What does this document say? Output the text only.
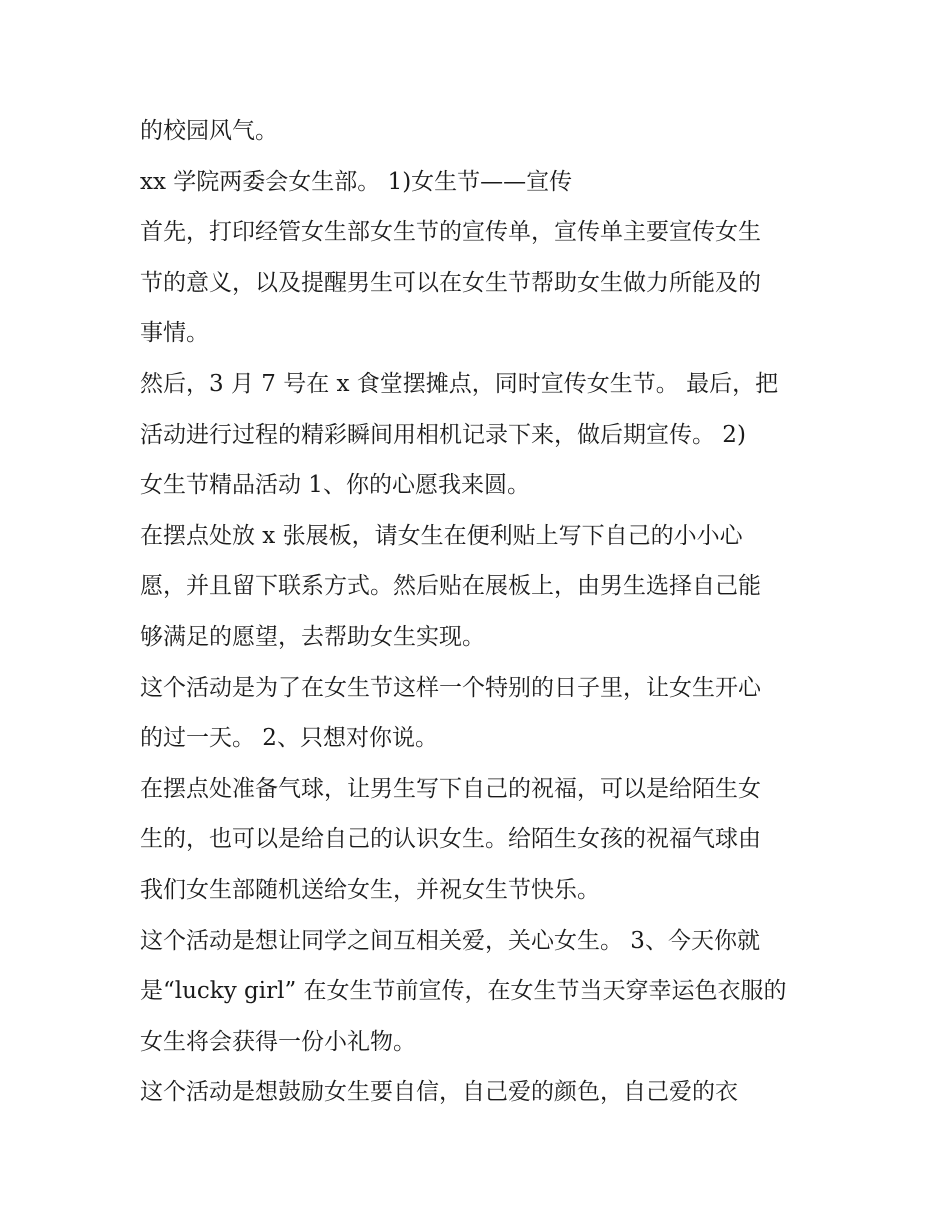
的校园风气。
xx 学院两委会女生部。 1)女生节——宣传
首先，打印经管女生部女生节的宣传单，宣传单主要宣传女生
节的意义，以及提醒男生可以在女生节帮助女生做力所能及的
事情。
然后，3 月 7 号在 x 食堂摆摊点，同时宣传女生节。 最后，把
活动进行过程的精彩瞬间用相机记录下来，做后期宣传。 2)
女生节精品活动 1、你的心愿我来圆。
在摆点处放 x 张展板，请女生在便利贴上写下自己的小小心
愿，并且留下联系方式。然后贴在展板上，由男生选择自己能
够满足的愿望，去帮助女生实现。
这个活动是为了在女生节这样一个特别的日子里，让女生开心
的过一天。 2、只想对你说。
在摆点处准备气球，让男生写下自己的祝福，可以是给陌生女
生的，也可以是给自己的认识女生。给陌生女孩的祝福气球由
我们女生部随机送给女生，并祝女生节快乐。
这个活动是想让同学之间互相关爱，关心女生。 3、今天你就
是“lucky girl” 在女生节前宣传，在女生节当天穿幸运色衣服的
女生将会获得一份小礼物。
这个活动是想鼓励女生要自信，自己爱的颜色，自己爱的衣
